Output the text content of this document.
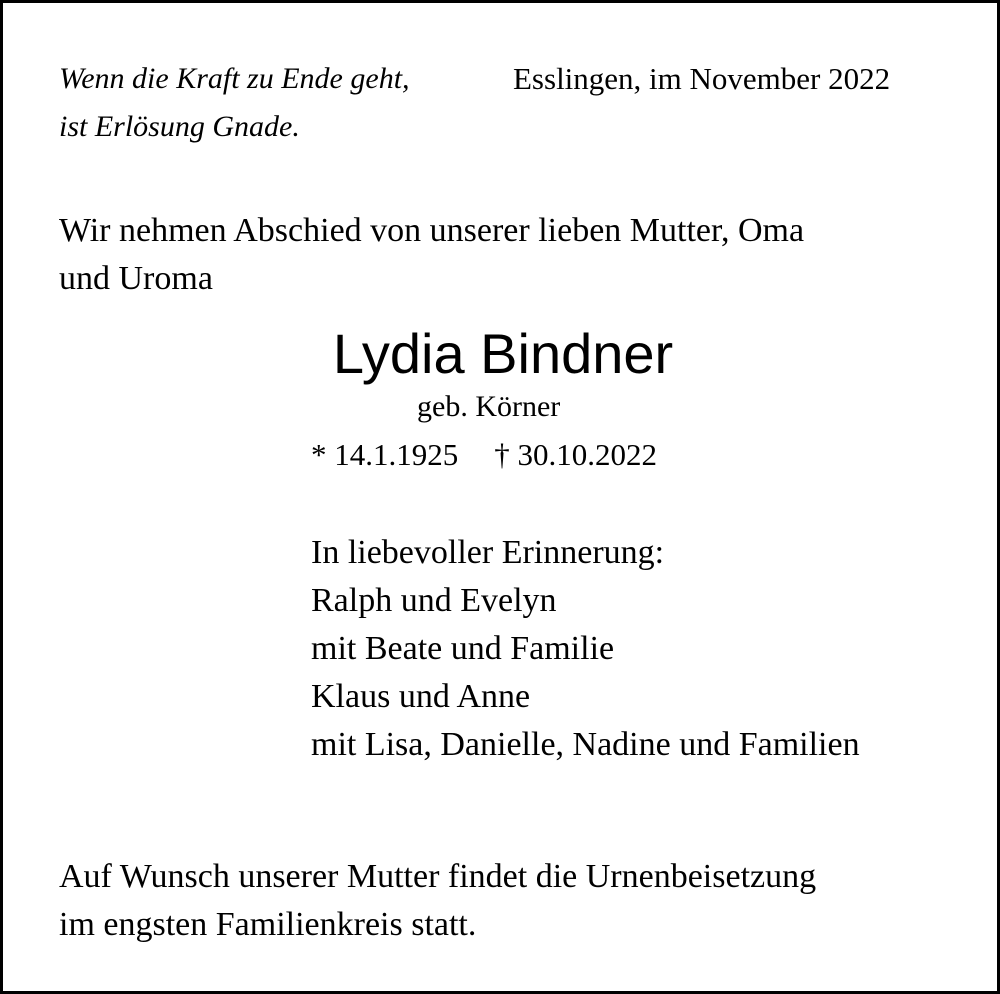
Wenn die Kraft zu Ende geht,
ist Erlösung Gnade.

Esslingen, im November 2022

Wir nehmen Abschied von unserer lieben Mutter, Oma
und Uroma

Lydia Bindner

geb. Körner

* 14.1.1925 † 30.10.2022

In liebevoller Erinnerung:
Ralph und Evelyn
mit Beate und Familie
Klaus und Anne
mit Lisa, Danielle, Nadine und Familien

Auf Wunsch unserer Mutter findet die Urnenbeisetzung
im engsten Familienkreis statt.
